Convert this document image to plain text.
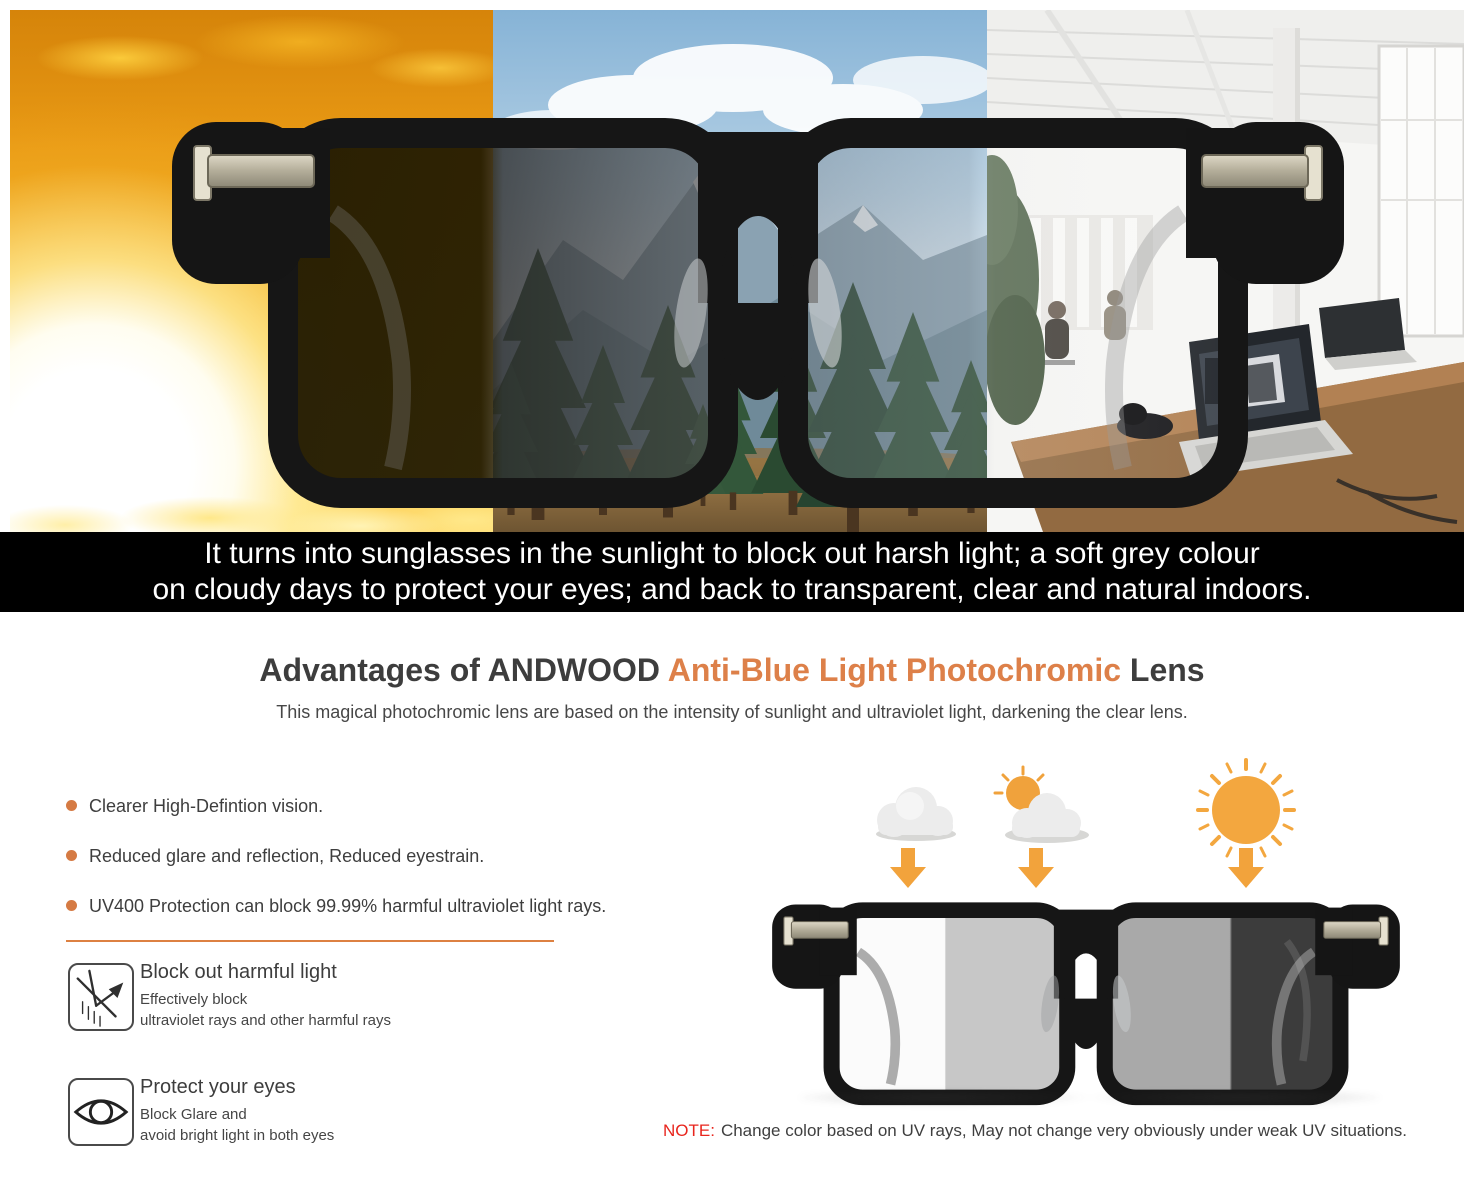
It turns into sunglasses in the sunlight to block out harsh light; a soft grey colour
on cloudy days to protect your eyes; and back to transparent, clear and natural indoors.
Advantages of ANDWOOD Anti-Blue Light Photochromic Lens
This magical photochromic lens are based on the intensity of sunlight and ultraviolet light, darkening the clear lens.
Clearer High-Defintion vision.
Reduced glare and reflection, Reduced eyestrain.
UV400 Protection can block 99.99% harmful ultraviolet light rays.
Block out harmful light
Effectively block
ultraviolet rays and other harmful rays
Protect your eyes
Block Glare and
avoid bright light in both eyes	NOTE: Change color based on UV rays, May not change very obviously under weak UV situations.
